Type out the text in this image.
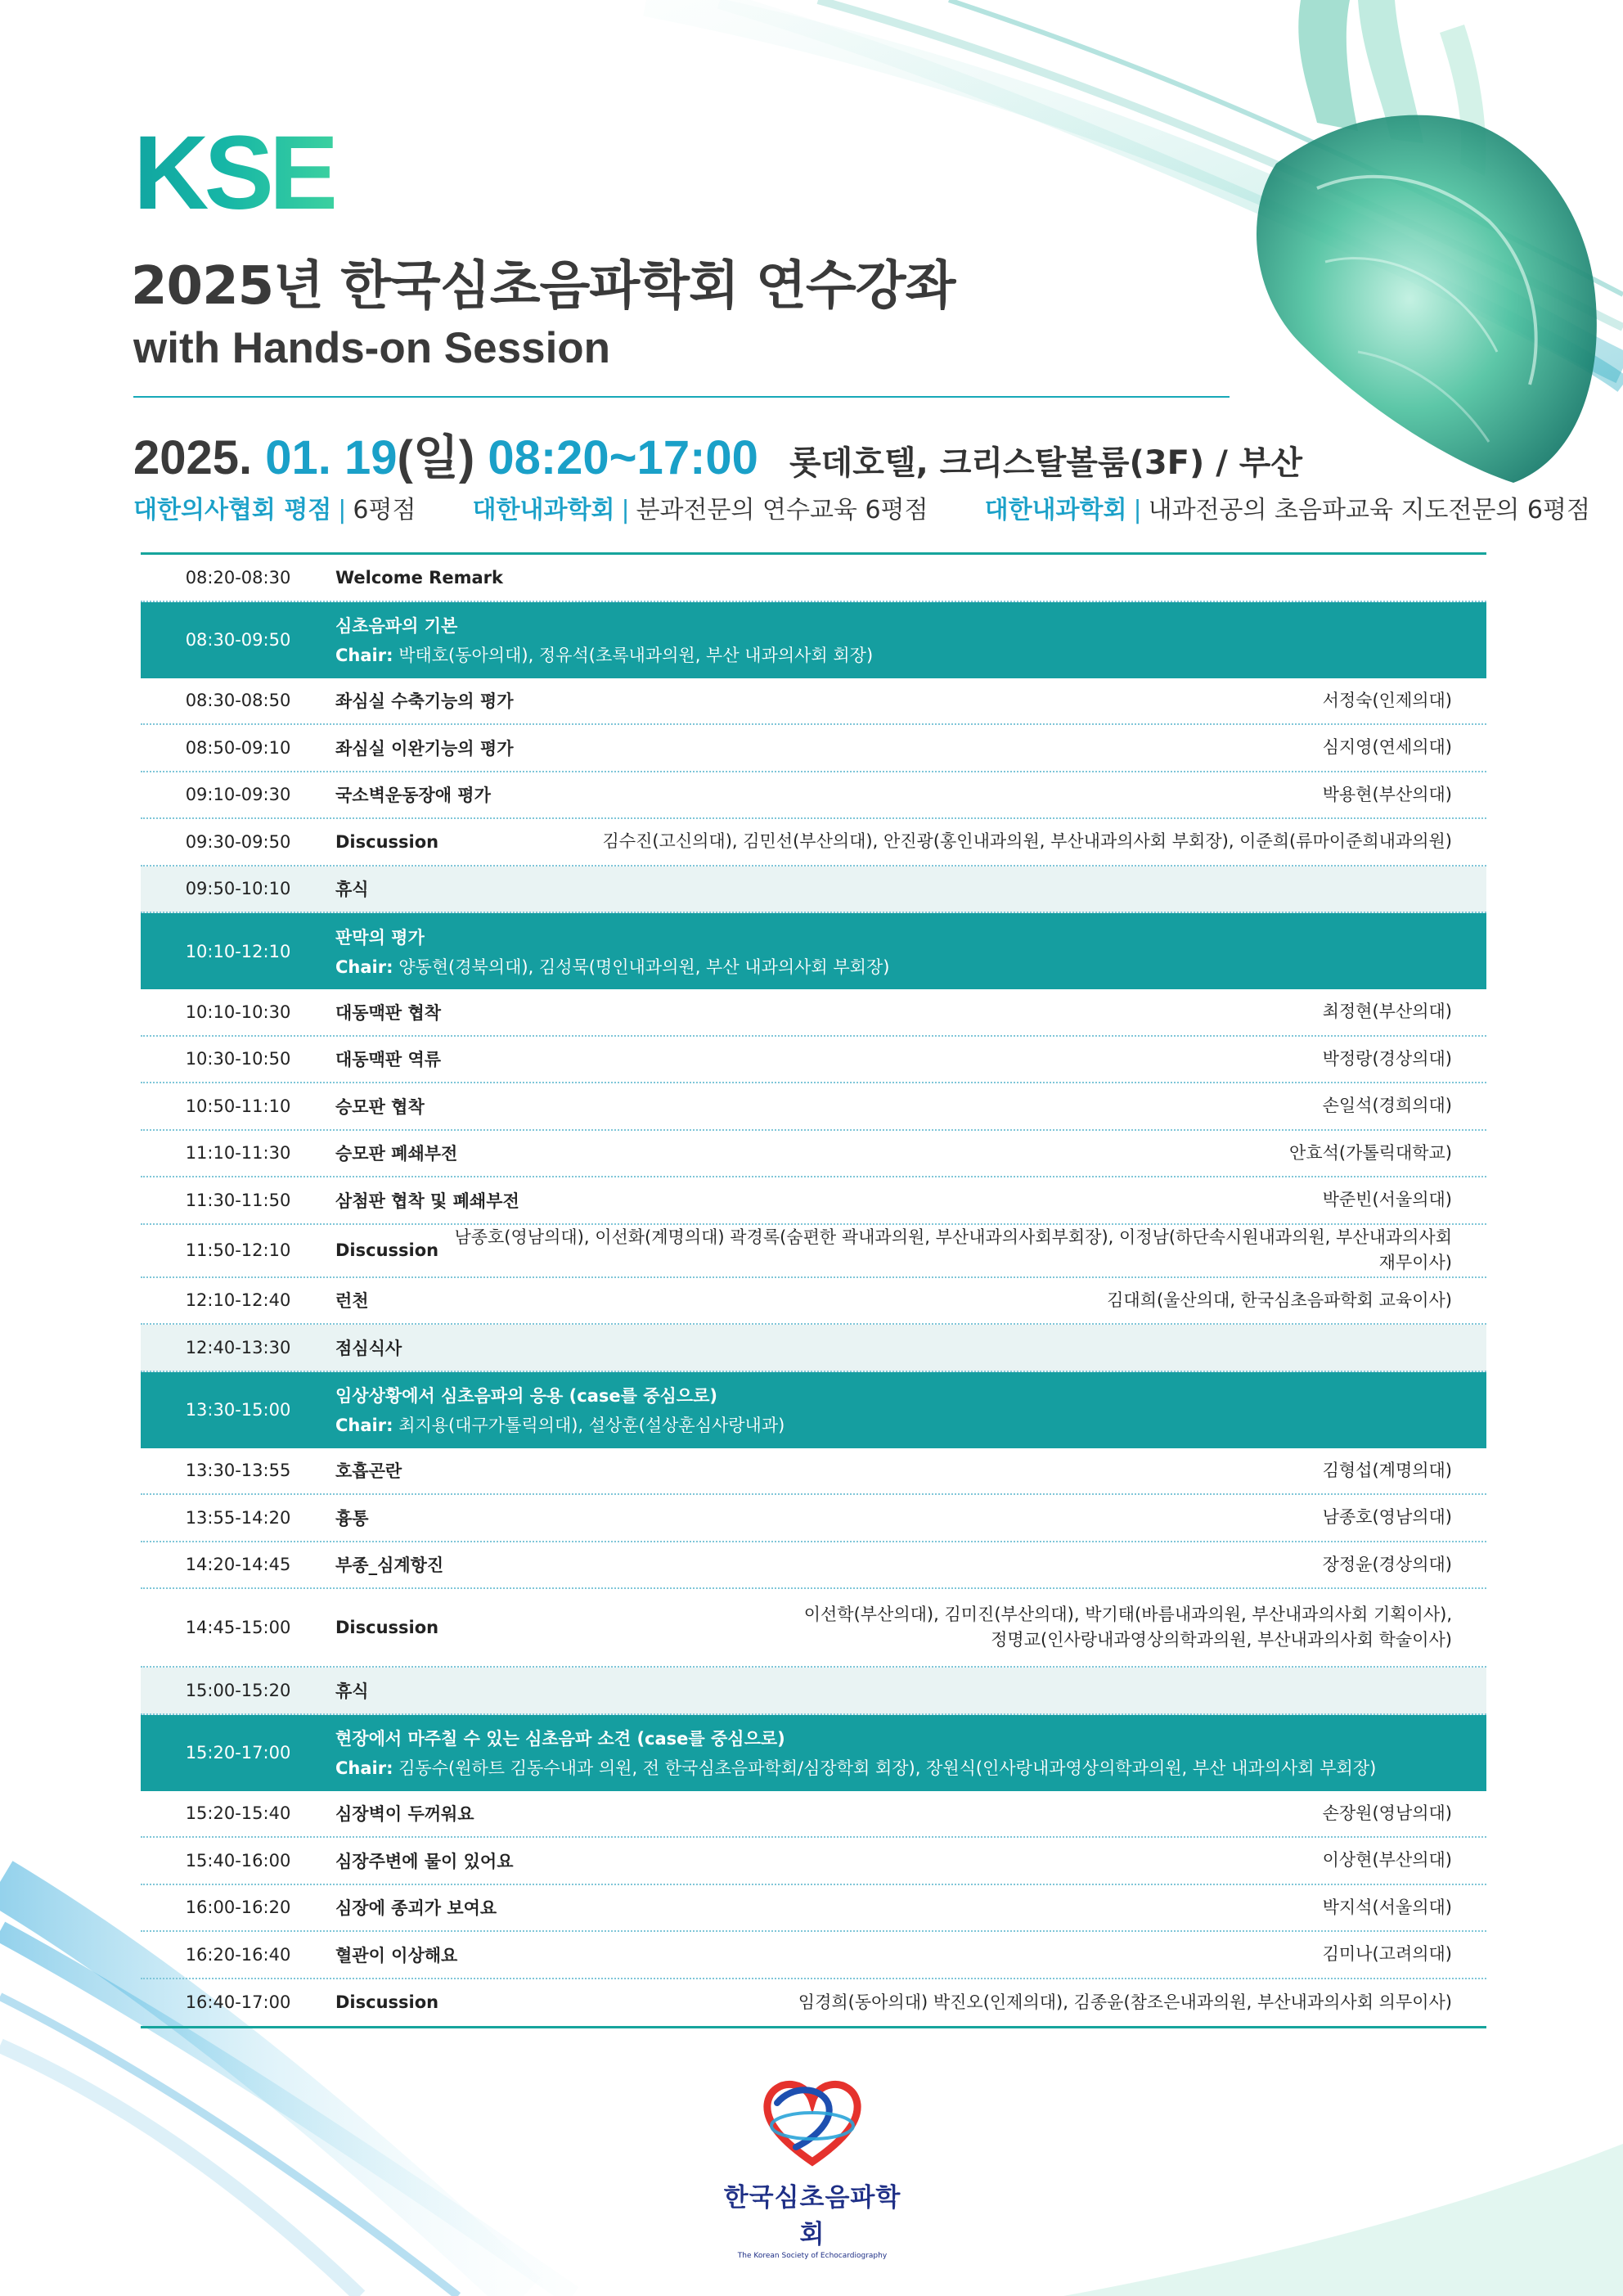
KSE
2025년 한국심초음파학회 연수강좌
with Hands-on Session
2025. 01. 19(일) 08:20~17:00 롯데호텔, 크리스탈볼룸(3F) / 부산
대한의사협회 평점 | 6평점 대한내과학회 | 분과전문의 연수교육 6평점 대한내과학회 | 내과전공의 초음파교육 지도전문의 6평점
08:20-08:30	Welcome Remark
08:30-09:50
심초음파의 기본
Chair: 박태호(동아의대), 정유석(초록내과의원, 부산 내과의사회 회장)
08:30-08:50	좌심실 수축기능의 평가	서정숙(인제의대)
08:50-09:10	좌심실 이완기능의 평가	심지영(연세의대)
09:10-09:30	국소벽운동장애 평가	박용현(부산의대)
09:30-09:50	Discussion	김수진(고신의대), 김민선(부산의대), 안진광(홍인내과의원, 부산내과의사회 부회장), 이준희(류마이준희내과의원)
09:50-10:10	휴식
10:10-12:10
판막의 평가
Chair: 양동현(경북의대), 김성묵(명인내과의원, 부산 내과의사회 부회장)
10:10-10:30	대동맥판 협착	최정현(부산의대)
10:30-10:50	대동맥판 역류	박정랑(경상의대)
10:50-11:10	승모판 협착	손일석(경희의대)
11:10-11:30	승모판 폐쇄부전	안효석(가톨릭대학교)
11:30-11:50	삼첨판 협착 및 폐쇄부전	박준빈(서울의대)
11:50-12:10	Discussion
남종호(영남의대), 이선화(계명의대) 곽경록(숨편한 곽내과의원, 부산내과의사회부회장), 이정남(하단속시원내과의원, 부산내과의사회 재무이사)
12:10-12:40	런천	김대희(울산의대, 한국심초음파학회 교육이사)
12:40-13:30	점심식사
13:30-15:00
임상상황에서 심초음파의 응용 (case를 중심으로)
Chair: 최지용(대구가톨릭의대), 설상훈(설상훈심사랑내과)
13:30-13:55	호흡곤란	김형섭(계명의대)
13:55-14:20	흉통	남종호(영남의대)
14:20-14:45	부종_심계항진	장정윤(경상의대)
14:45-15:00	Discussion
이선학(부산의대), 김미진(부산의대), 박기태(바름내과의원, 부산내과의사회 기획이사),
정명교(인사랑내과영상의학과의원, 부산내과의사회 학술이사)
15:00-15:20	휴식
15:20-17:00
현장에서 마주칠 수 있는 심초음파 소견 (case를 중심으로)
Chair: 김동수(원하트 김동수내과 의원, 전 한국심초음파학회/심장학회 회장), 장원식(인사랑내과영상의학과의원, 부산 내과의사회 부회장)
15:20-15:40	심장벽이 두꺼워요	손장원(영남의대)
15:40-16:00	심장주변에 물이 있어요	이상현(부산의대)
16:00-16:20	심장에 종괴가 보여요	박지석(서울의대)
16:20-16:40	혈관이 이상해요	김미나(고려의대)
16:40-17:00	Discussion	임경희(동아의대) 박진오(인제의대), 김종윤(참조은내과의원, 부산내과의사회 의무이사)
한국심초음파학회
The Korean Society of Echocardiography
